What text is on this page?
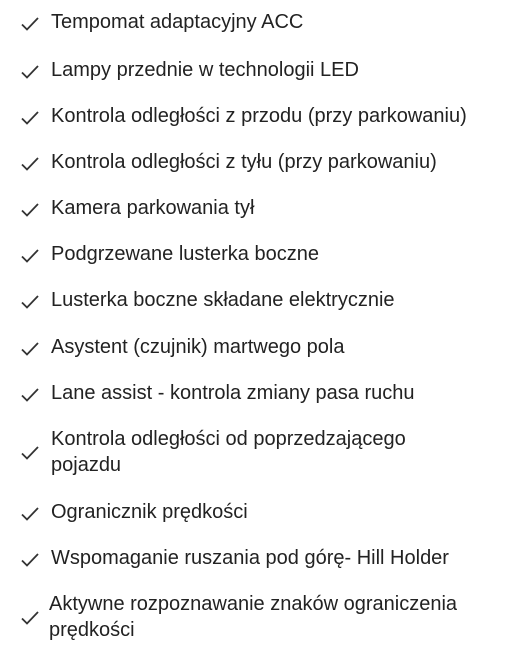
Tempomat adaptacyjny ACC
Lampy przednie w technologii LED
Kontrola odległości z przodu (przy parkowaniu)
Kontrola odległości z tyłu (przy parkowaniu)
Kamera parkowania tył
Podgrzewane lusterka boczne
Lusterka boczne składane elektrycznie
Asystent (czujnik) martwego pola
Lane assist - kontrola zmiany pasa ruchu
Kontrola odległości od poprzedzającego
pojazdu
Ogranicznik prędkości
Wspomaganie ruszania pod górę- Hill Holder
Aktywne rozpoznawanie znaków ograniczenia
prędkości
